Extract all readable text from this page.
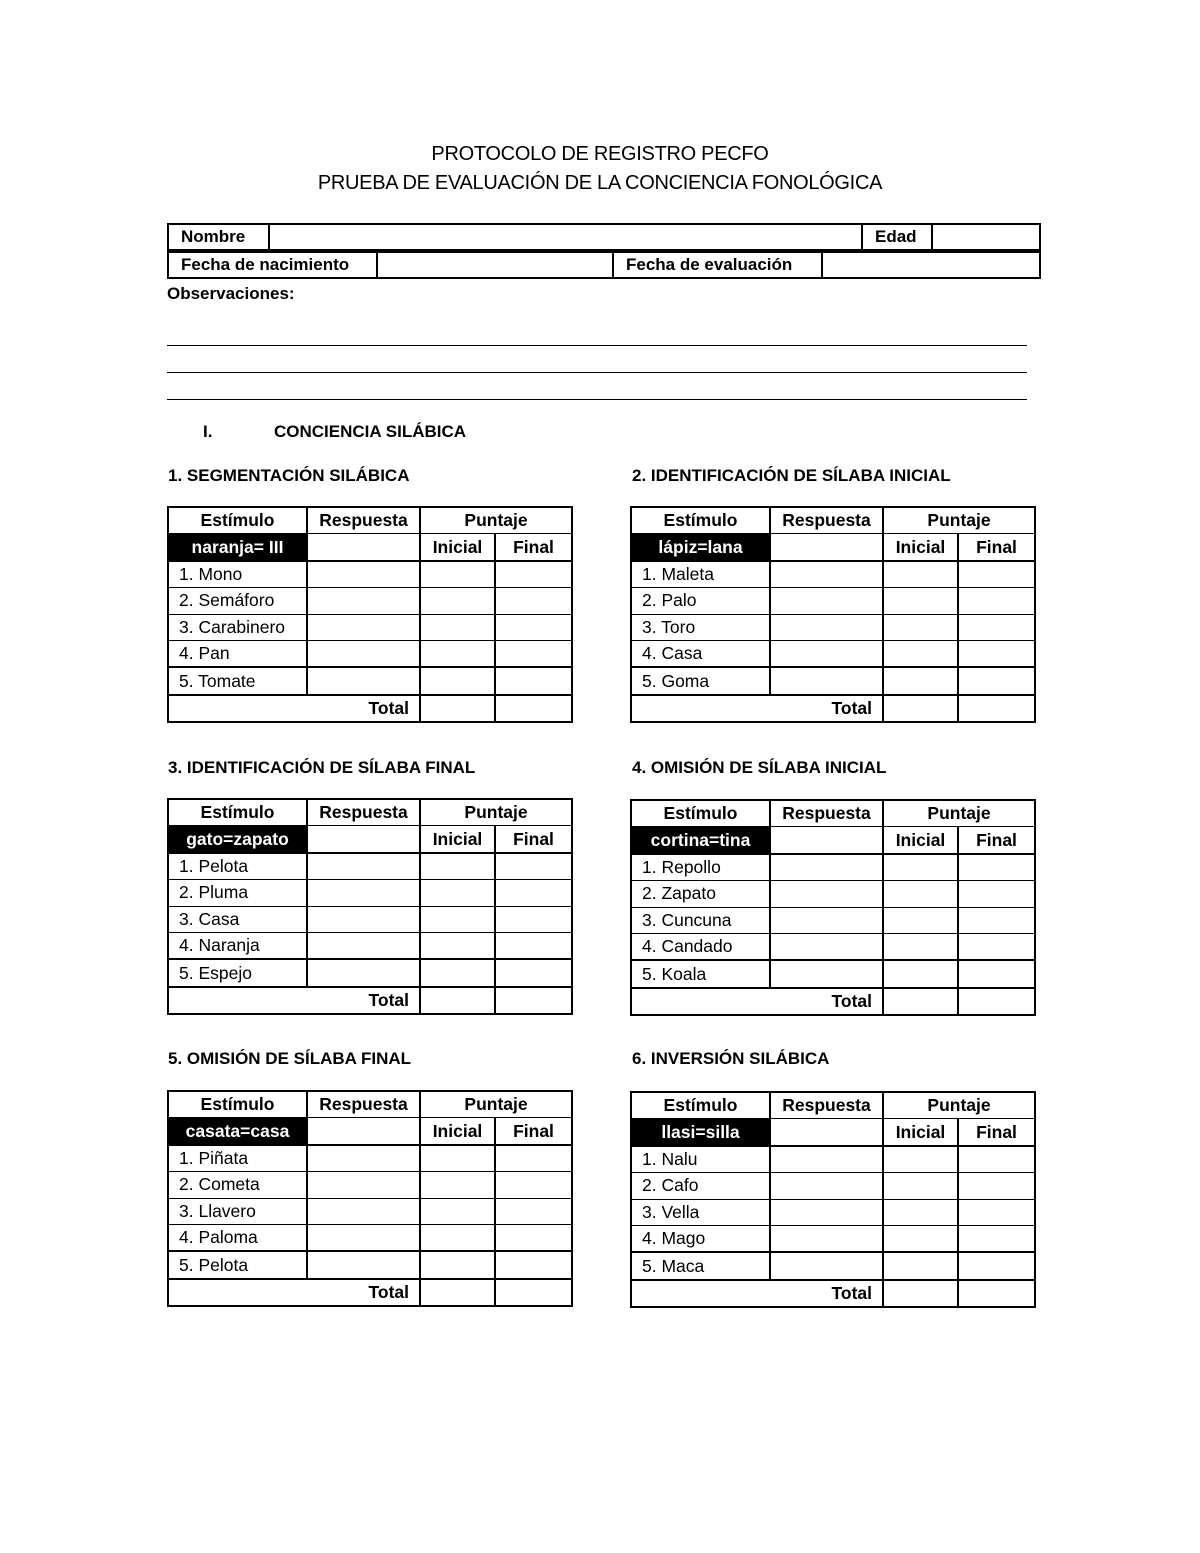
PROTOCOLO DE REGISTRO PECFO
PRUEBA DE EVALUACIÓN DE LA CONCIENCIA FONOLÓGICA
Nombre		Edad	
Fecha de nacimiento		Fecha de evaluación	
Observaciones:
I.	CONCIENCIA SILÁBICA
1. SEGMENTACIÓN SILÁBICA
Estímulo	Respuesta	Puntaje	
naranja= III		Inicial	Final
1. Mono			
2. Semáforo			
3. Carabinero			
4. Pan			
5. Tomate			
Total			
2. IDENTIFICACIÓN DE SÍLABA INICIAL
Estímulo	Respuesta	Puntaje	
lápiz=lana		Inicial	Final
1. Maleta			
2. Palo			
3. Toro			
4. Casa			
5. Goma			
Total			
3. IDENTIFICACIÓN DE SÍLABA FINAL
Estímulo	Respuesta	Puntaje	
gato=zapato		Inicial	Final
1. Pelota			
2. Pluma			
3. Casa			
4. Naranja			
5. Espejo			
Total			
4. OMISIÓN DE SÍLABA INICIAL
Estímulo	Respuesta	Puntaje	
cortina=tina		Inicial	Final
1. Repollo			
2. Zapato			
3. Cuncuna			
4. Candado			
5. Koala			
Total			
5. OMISIÓN DE SÍLABA FINAL
Estímulo	Respuesta	Puntaje	
casata=casa		Inicial	Final
1. Piñata			
2. Cometa			
3. Llavero			
4. Paloma			
5. Pelota			
Total			
6. INVERSIÓN SILÁBICA
Estímulo	Respuesta	Puntaje	
llasi=silla		Inicial	Final
1. Nalu			
2. Cafo			
3. Vella			
4. Mago			
5. Maca			
Total			
